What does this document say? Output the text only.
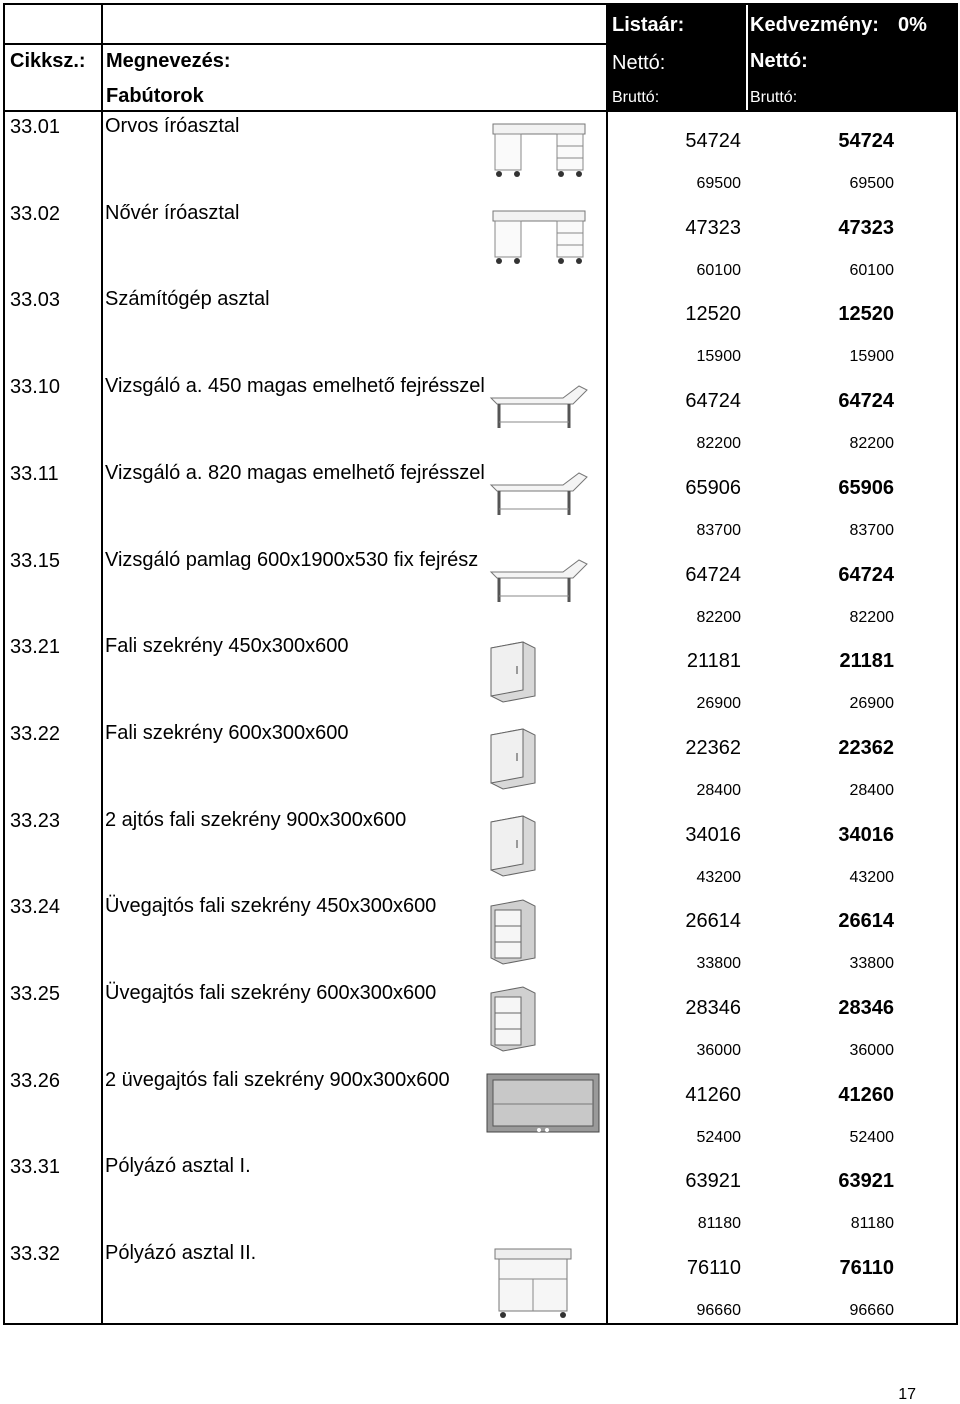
Listaár:	Kedvezmény: 0%
Cikksz.: Megnevezés:	Nettó:	Nettó:
Fabútorok	Bruttó:	Bruttó:
33.01 Orvos íróasztal
54724	54724
69500	69500
33.02 Nővér íróasztal
47323	47323
60100	60100
33.03 Számítógép asztal
12520	12520
15900	15900
33.10 Vizsgáló a. 450 magas emelhető fejrésszel
64724	64724
82200	82200
33.11 Vizsgáló a. 820 magas emelhető fejrésszel
65906	65906
83700	83700
33.15 Vizsgáló pamlag 600x1900x530 fix fejrész
64724	64724
82200	82200
33.21 Fali szekrény 450x300x600
21181	21181
26900	26900
33.22 Fali szekrény 600x300x600
22362	22362
28400	28400
33.23 2 ajtós fali szekrény 900x300x600
34016	34016
43200	43200
33.24 Üvegajtós fali szekrény 450x300x600
26614	26614
33800	33800
33.25 Üvegajtós fali szekrény 600x300x600
28346	28346
36000	36000
33.26 2 üvegajtós fali szekrény 900x300x600
41260	41260
52400	52400
33.31 Pólyázó asztal I.
63921	63921
81180	81180
33.32 Pólyázó asztal II.
76110	76110
96660	96660
17
